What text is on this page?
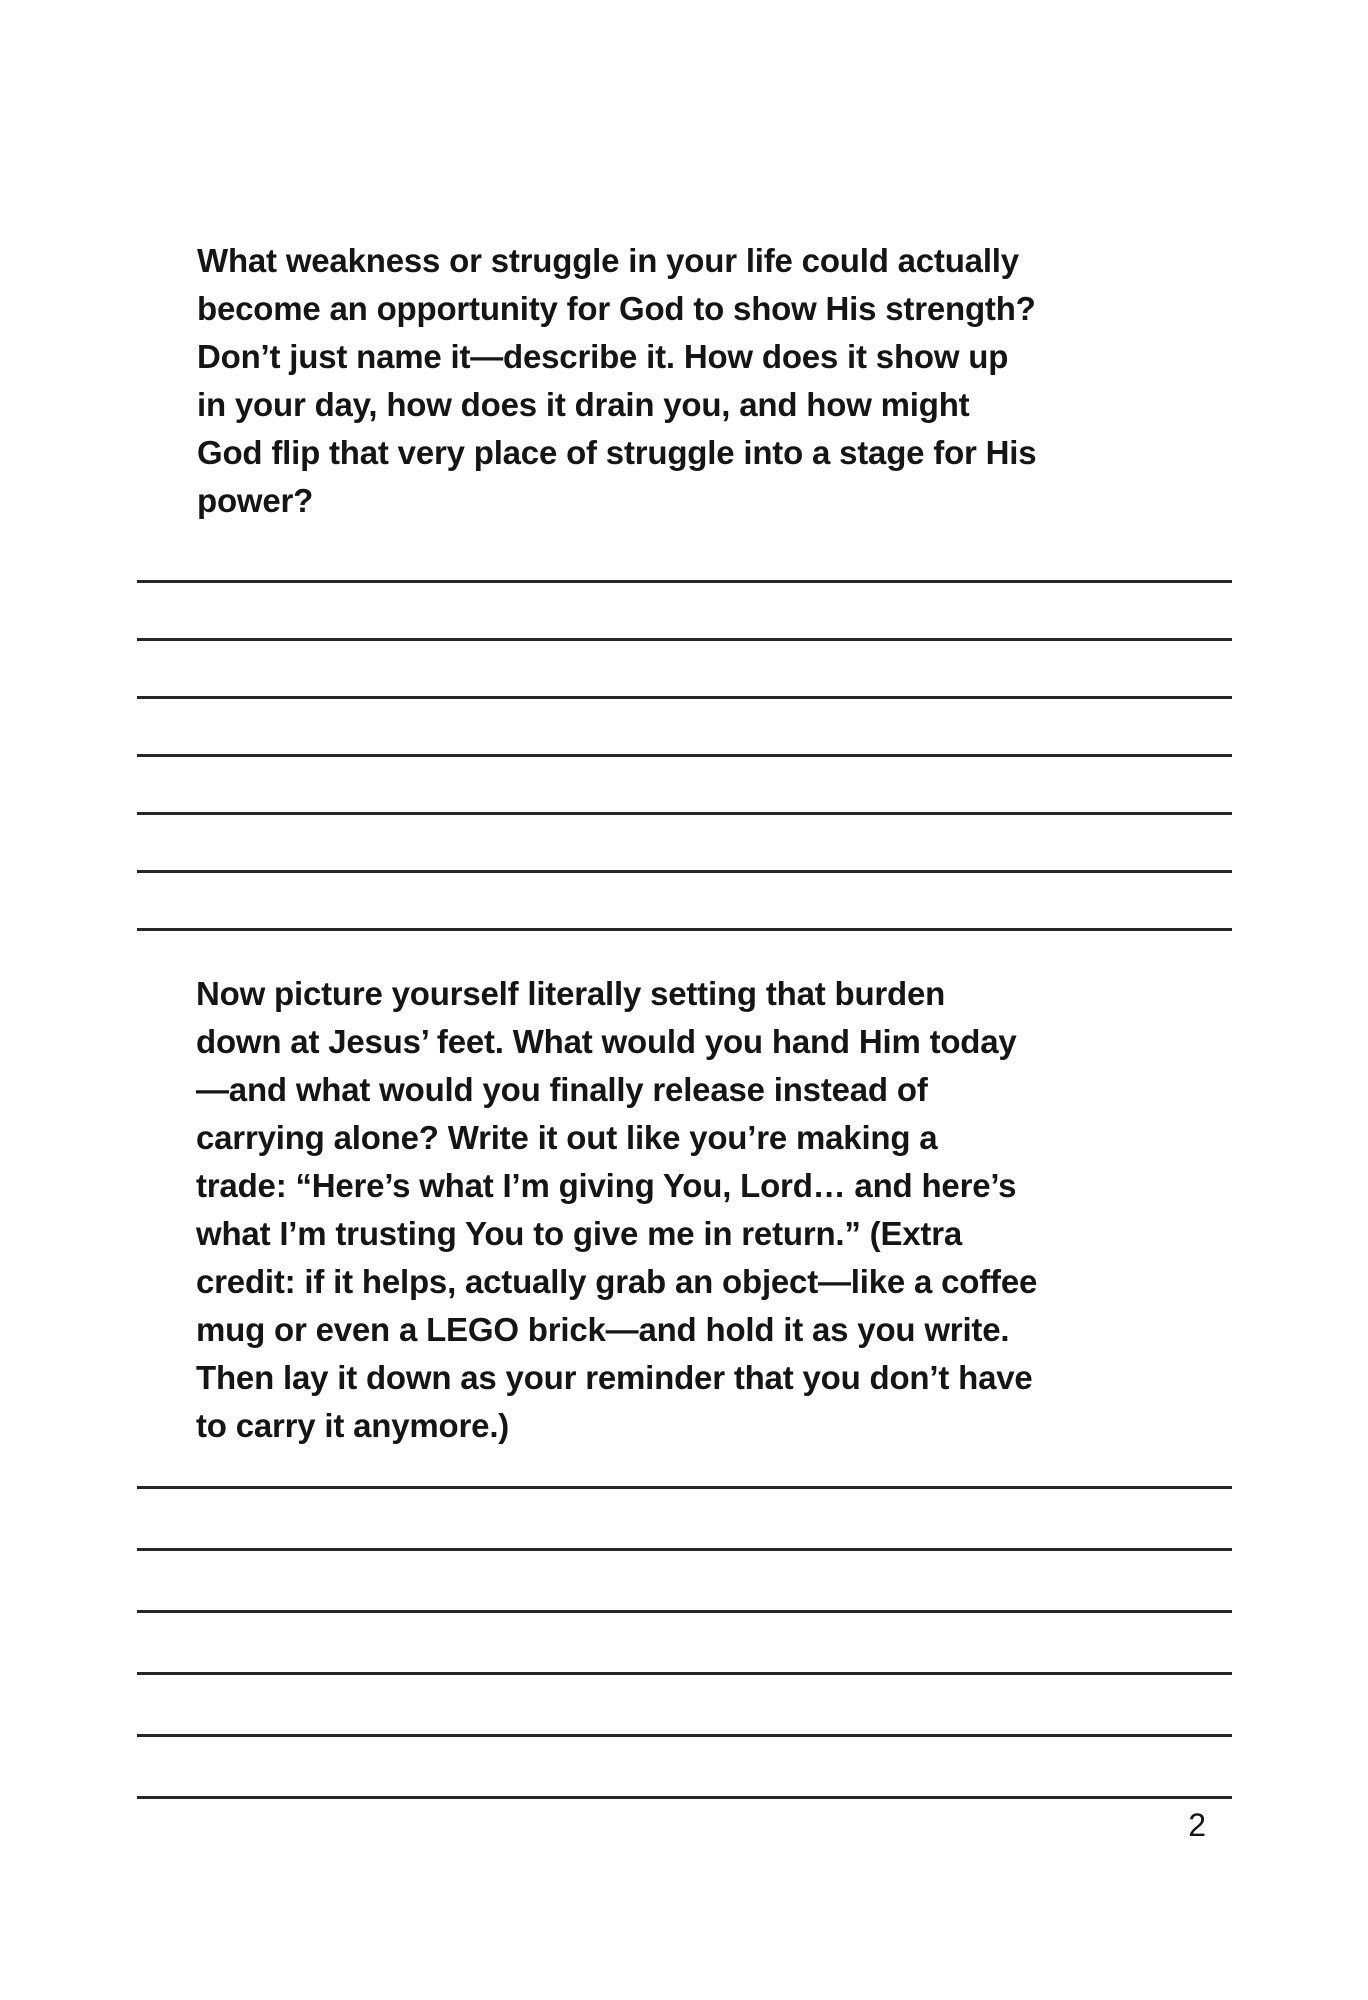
What weakness or struggle in your life could actually
become an opportunity for God to show His strength?
Don’t just name it—describe it. How does it show up
in your day, how does it drain you, and how might
God flip that very place of struggle into a stage for His
power?
Now picture yourself literally setting that burden
down at Jesus’ feet. What would you hand Him today
—and what would you finally release instead of
carrying alone? Write it out like you’re making a
trade: “Here’s what I’m giving You, Lord… and here’s
what I’m trusting You to give me in return.” (Extra
credit: if it helps, actually grab an object—like a coffee
mug or even a LEGO brick—and hold it as you write.
Then lay it down as your reminder that you don’t have
to carry it anymore.)
2
